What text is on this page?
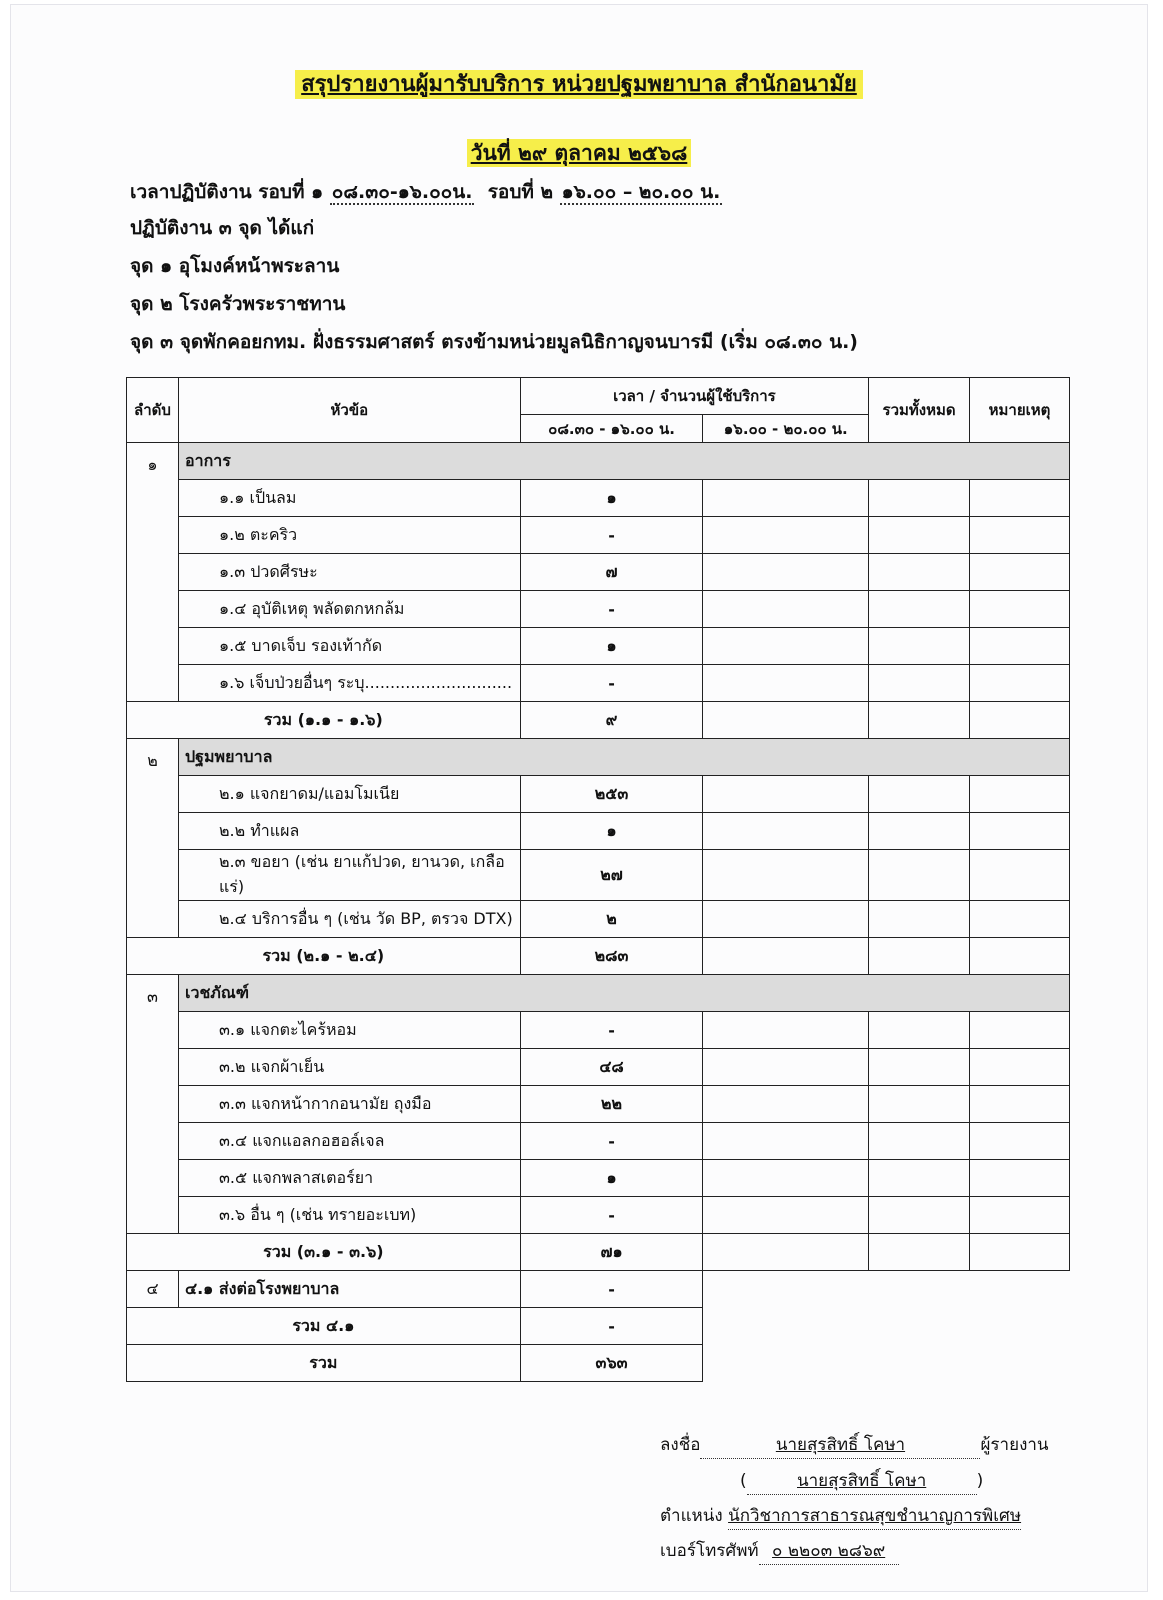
สรุปรายงานผู้มารับบริการ หน่วยปฐมพยาบาล สำนักอนามัย
วันที่ ๒๙ ตุลาคม ๒๕๖๘
เวลาปฏิบัติงาน รอบที่ ๑ ๐๘.๓๐-๑๖.๐๐น. รอบที่ ๒ ๑๖.๐๐ – ๒๐.๐๐ น.
ปฏิบัติงาน ๓ จุด ได้แก่
จุด ๑ อุโมงค์หน้าพระลาน
จุด ๒ โรงครัวพระราชทาน
จุด ๓ จุดพักคอยกทม. ฝั่งธรรมศาสตร์ ตรงข้ามหน่วยมูลนิธิกาญจนบารมี (เริ่ม ๐๘.๓๐ น.)
ลำดับ	หัวข้อ	เวลา / จำนวนผู้ใช้บริการ		รวมทั้งหมด	หมายเหตุ
		๐๘.๓๐ - ๑๖.๐๐ น.	๑๖.๐๐ - ๒๐.๐๐ น.		
๑	อาการ				
	๑.๑ เป็นลม	๑			
	๑.๒ ตะคริว	-			
	๑.๓ ปวดศีรษะ	๗			
	๑.๔ อุบัติเหตุ พลัดตกหกล้ม	-			
	๑.๕ บาดเจ็บ รองเท้ากัด	๑			
	๑.๖ เจ็บป่วยอื่นๆ ระบุ.............................	-			
รวม (๑.๑ - ๑.๖)		๙			
๒	ปฐมพยาบาล				
	๒.๑ แจกยาดม/แอมโมเนีย	๒๕๓			
	๒.๒ ทำแผล	๑			
	๒.๓ ขอยา (เช่น ยาแก้ปวด, ยานวด, เกลือแร่)	๒๗			
	๒.๔ บริการอื่น ๆ (เช่น วัด BP, ตรวจ DTX)	๒			
รวม (๒.๑ - ๒.๔)		๒๘๓			
๓	เวชภัณฑ์				
	๓.๑ แจกตะไคร้หอม	-			
	๓.๒ แจกผ้าเย็น	๔๘			
	๓.๓ แจกหน้ากากอนามัย ถุงมือ	๒๒			
	๓.๔ แจกแอลกอฮอล์เจล	-			
	๓.๕ แจกพลาสเตอร์ยา	๑			
	๓.๖ อื่น ๆ (เช่น ทรายอะเบท)	-			
รวม (๓.๑ - ๓.๖)		๗๑			
๔	๔.๑ ส่งต่อโรงพยาบาล	-			
รวม ๔.๑		-			
รวม		๓๖๓			
ลงชื่อ	นายสุรสิทธิ์ โคษา	ผู้รายงาน
(	นายสุรสิทธิ์ โคษา	)
ตำแหน่ง นักวิชาการสาธารณสุขชำนาญการพิเศษ
เบอร์โทรศัพท์ ๐ ๒๒๐๓ ๒๘๖๙
